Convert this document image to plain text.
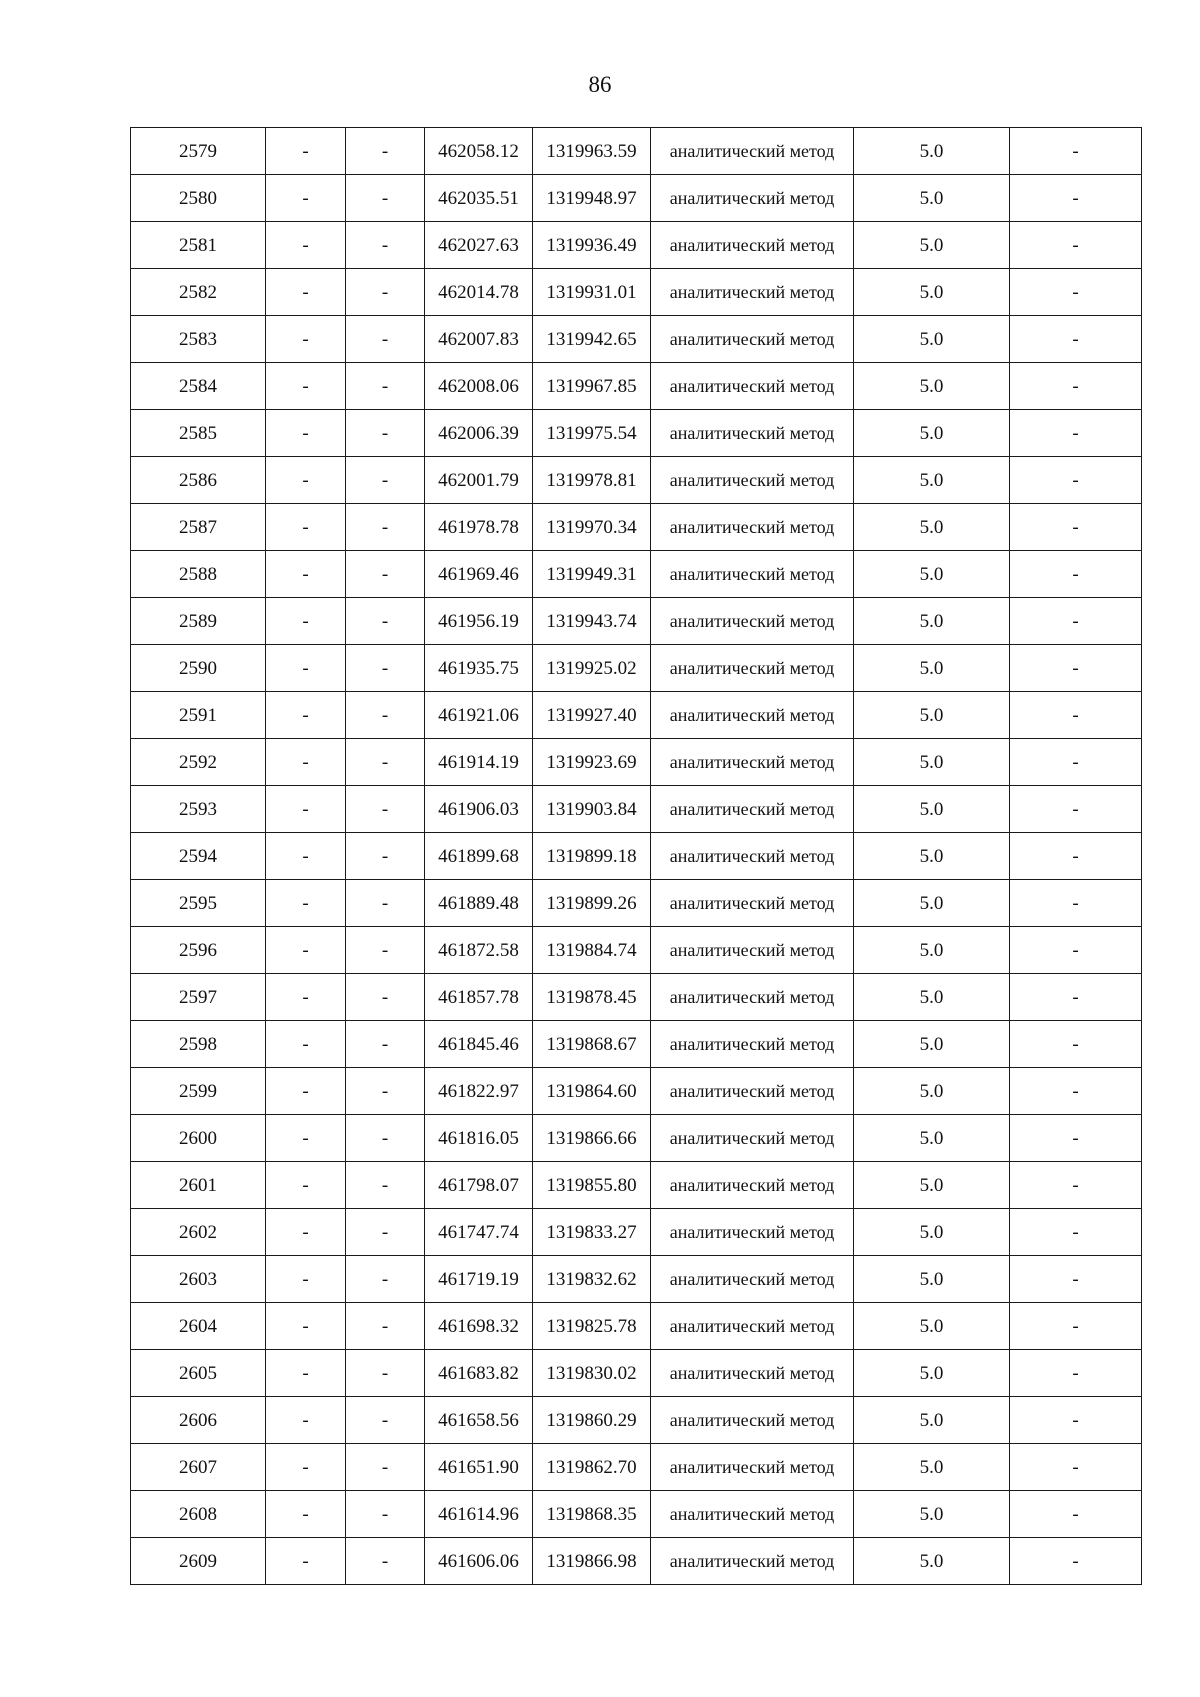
86
2579	-	-	462058.12	1319963.59	аналитический метод	5.0	-
2580	-	-	462035.51	1319948.97	аналитический метод	5.0	-
2581	-	-	462027.63	1319936.49	аналитический метод	5.0	-
2582	-	-	462014.78	1319931.01	аналитический метод	5.0	-
2583	-	-	462007.83	1319942.65	аналитический метод	5.0	-
2584	-	-	462008.06	1319967.85	аналитический метод	5.0	-
2585	-	-	462006.39	1319975.54	аналитический метод	5.0	-
2586	-	-	462001.79	1319978.81	аналитический метод	5.0	-
2587	-	-	461978.78	1319970.34	аналитический метод	5.0	-
2588	-	-	461969.46	1319949.31	аналитический метод	5.0	-
2589	-	-	461956.19	1319943.74	аналитический метод	5.0	-
2590	-	-	461935.75	1319925.02	аналитический метод	5.0	-
2591	-	-	461921.06	1319927.40	аналитический метод	5.0	-
2592	-	-	461914.19	1319923.69	аналитический метод	5.0	-
2593	-	-	461906.03	1319903.84	аналитический метод	5.0	-
2594	-	-	461899.68	1319899.18	аналитический метод	5.0	-
2595	-	-	461889.48	1319899.26	аналитический метод	5.0	-
2596	-	-	461872.58	1319884.74	аналитический метод	5.0	-
2597	-	-	461857.78	1319878.45	аналитический метод	5.0	-
2598	-	-	461845.46	1319868.67	аналитический метод	5.0	-
2599	-	-	461822.97	1319864.60	аналитический метод	5.0	-
2600	-	-	461816.05	1319866.66	аналитический метод	5.0	-
2601	-	-	461798.07	1319855.80	аналитический метод	5.0	-
2602	-	-	461747.74	1319833.27	аналитический метод	5.0	-
2603	-	-	461719.19	1319832.62	аналитический метод	5.0	-
2604	-	-	461698.32	1319825.78	аналитический метод	5.0	-
2605	-	-	461683.82	1319830.02	аналитический метод	5.0	-
2606	-	-	461658.56	1319860.29	аналитический метод	5.0	-
2607	-	-	461651.90	1319862.70	аналитический метод	5.0	-
2608	-	-	461614.96	1319868.35	аналитический метод	5.0	-
2609	-	-	461606.06	1319866.98	аналитический метод	5.0	-
